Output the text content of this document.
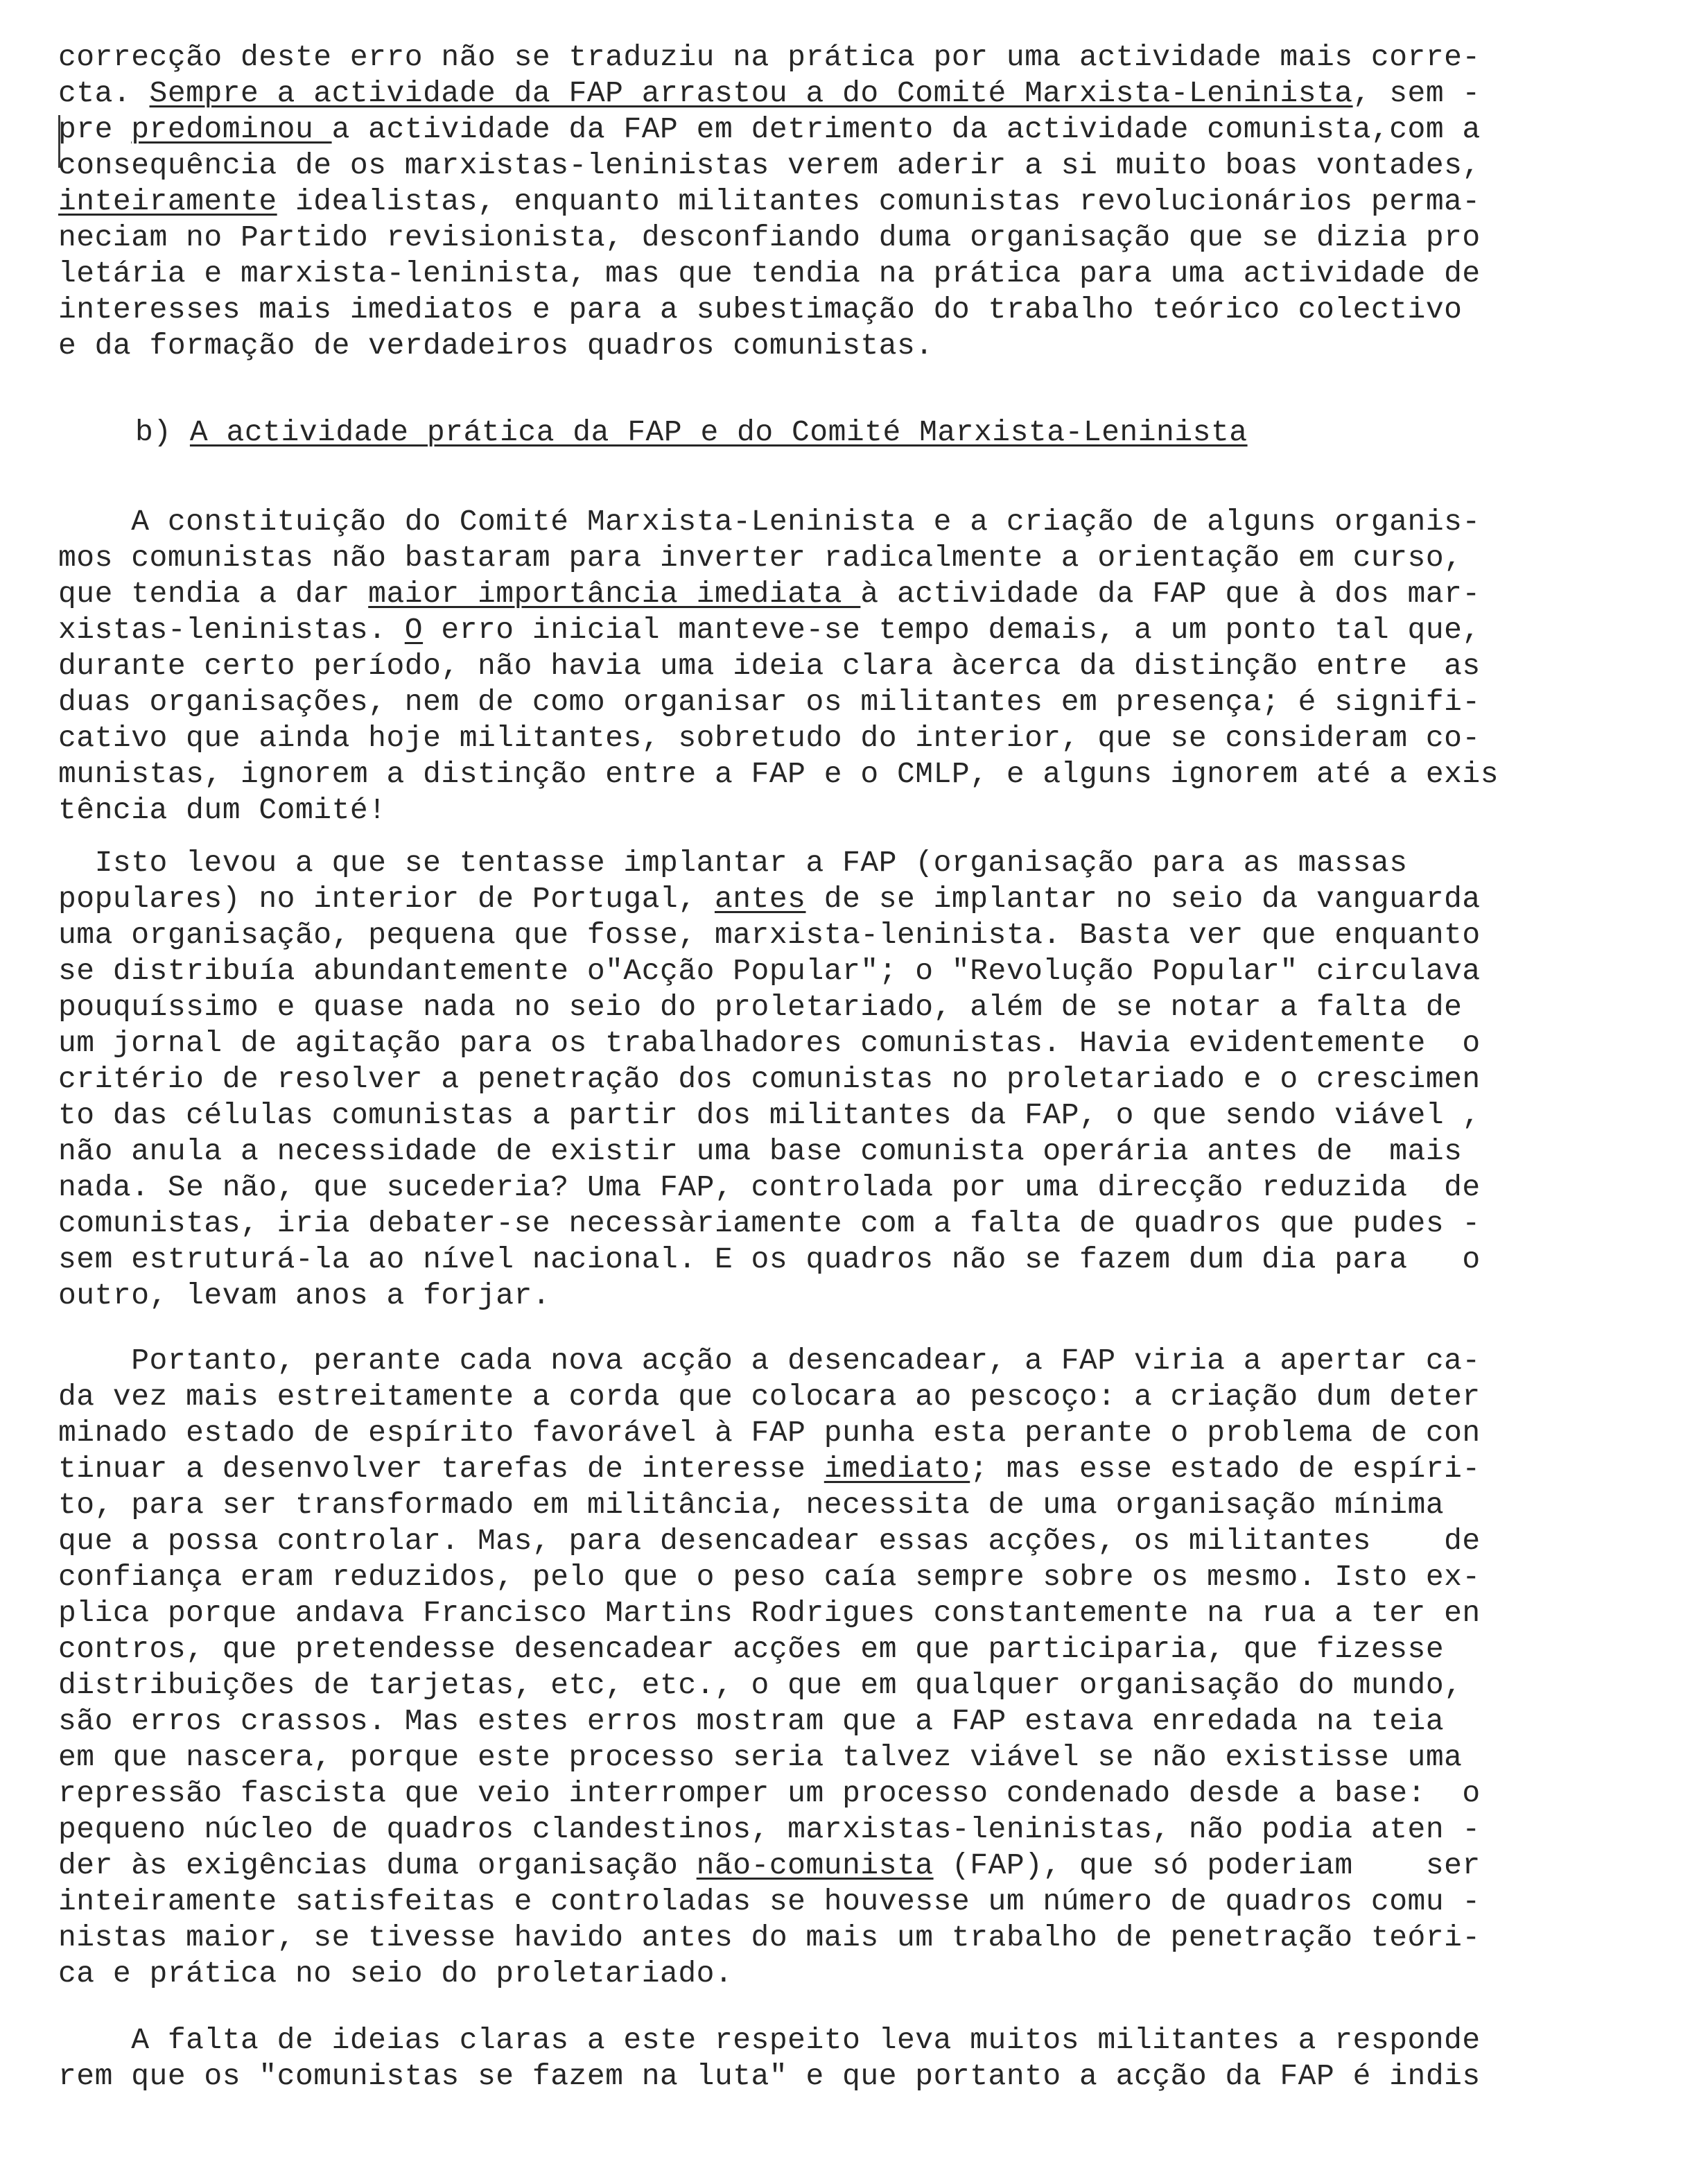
correcção deste erro não se traduziu na prática por uma actividade mais corre-
cta. Sempre a actividade da FAP arrastou a do Comité Marxista-Leninista, sem -
pre predominou a actividade da FAP em detrimento da actividade comunista,com a
consequência de os marxistas-leninistas verem aderir a si muito boas vontades,
inteiramente idealistas, enquanto militantes comunistas revolucionários perma-
neciam no Partido revisionista, desconfiando duma organisação que se dizia pro
letária e marxista-leninista, mas que tendia na prática para uma actividade de
interesses mais imediatos e para a subestimação do trabalho teórico colectivo
e da formação de verdadeiros quadros comunistas.
b) A actividade prática da FAP e do Comité Marxista-Leninista
A constituição do Comité Marxista-Leninista e a criação de alguns organis-
mos comunistas não bastaram para inverter radicalmente a orientação em curso,
que tendia a dar maior importância imediata à actividade da FAP que à dos mar-
xistas-leninistas. O erro inicial manteve-se tempo demais, a um ponto tal que,
durante certo período, não havia uma ideia clara àcerca da distinção entre  as
duas organisações, nem de como organisar os militantes em presença; é signifi-
cativo que ainda hoje militantes, sobretudo do interior, que se consideram co-
munistas, ignorem a distinção entre a FAP e o CMLP, e alguns ignorem até a exis
tência dum Comité!
Isto levou a que se tentasse implantar a FAP (organisação para as massas
populares) no interior de Portugal, antes de se implantar no seio da vanguarda
uma organisação, pequena que fosse, marxista-leninista. Basta ver que enquanto
se distribuía abundantemente o"Acção Popular"; o "Revolução Popular" circulava
pouquíssimo e quase nada no seio do proletariado, além de se notar a falta de
um jornal de agitação para os trabalhadores comunistas. Havia evidentemente  o
critério de resolver a penetração dos comunistas no proletariado e o crescimen
to das células comunistas a partir dos militantes da FAP, o que sendo viável ,
não anula a necessidade de existir uma base comunista operária antes de  mais
nada. Se não, que sucederia? Uma FAP, controlada por uma direcção reduzida  de
comunistas, iria debater-se necessàriamente com a falta de quadros que pudes -
sem estruturá-la ao nível nacional. E os quadros não se fazem dum dia para   o
outro, levam anos a forjar.
Portanto, perante cada nova acção a desencadear, a FAP viria a apertar ca-
da vez mais estreitamente a corda que colocara ao pescoço: a criação dum deter
minado estado de espírito favorável à FAP punha esta perante o problema de con
tinuar a desenvolver tarefas de interesse imediato; mas esse estado de espíri-
to, para ser transformado em militância, necessita de uma organisação mínima
que a possa controlar. Mas, para desencadear essas acções, os militantes    de
confiança eram reduzidos, pelo que o peso caía sempre sobre os mesmo. Isto ex-
plica porque andava Francisco Martins Rodrigues constantemente na rua a ter en
contros, que pretendesse desencadear acções em que participaria, que fizesse
distribuições de tarjetas, etc, etc., o que em qualquer organisação do mundo,
são erros crassos. Mas estes erros mostram que a FAP estava enredada na teia
em que nascera, porque este processo seria talvez viável se não existisse uma
repressão fascista que veio interromper um processo condenado desde a base:  o
pequeno núcleo de quadros clandestinos, marxistas-leninistas, não podia aten -
der às exigências duma organisação não-comunista (FAP), que só poderiam    ser
inteiramente satisfeitas e controladas se houvesse um número de quadros comu -
nistas maior, se tivesse havido antes do mais um trabalho de penetração teóri-
ca e prática no seio do proletariado.
A falta de ideias claras a este respeito leva muitos militantes a responde
rem que os "comunistas se fazem na luta" e que portanto a acção da FAP é indis
